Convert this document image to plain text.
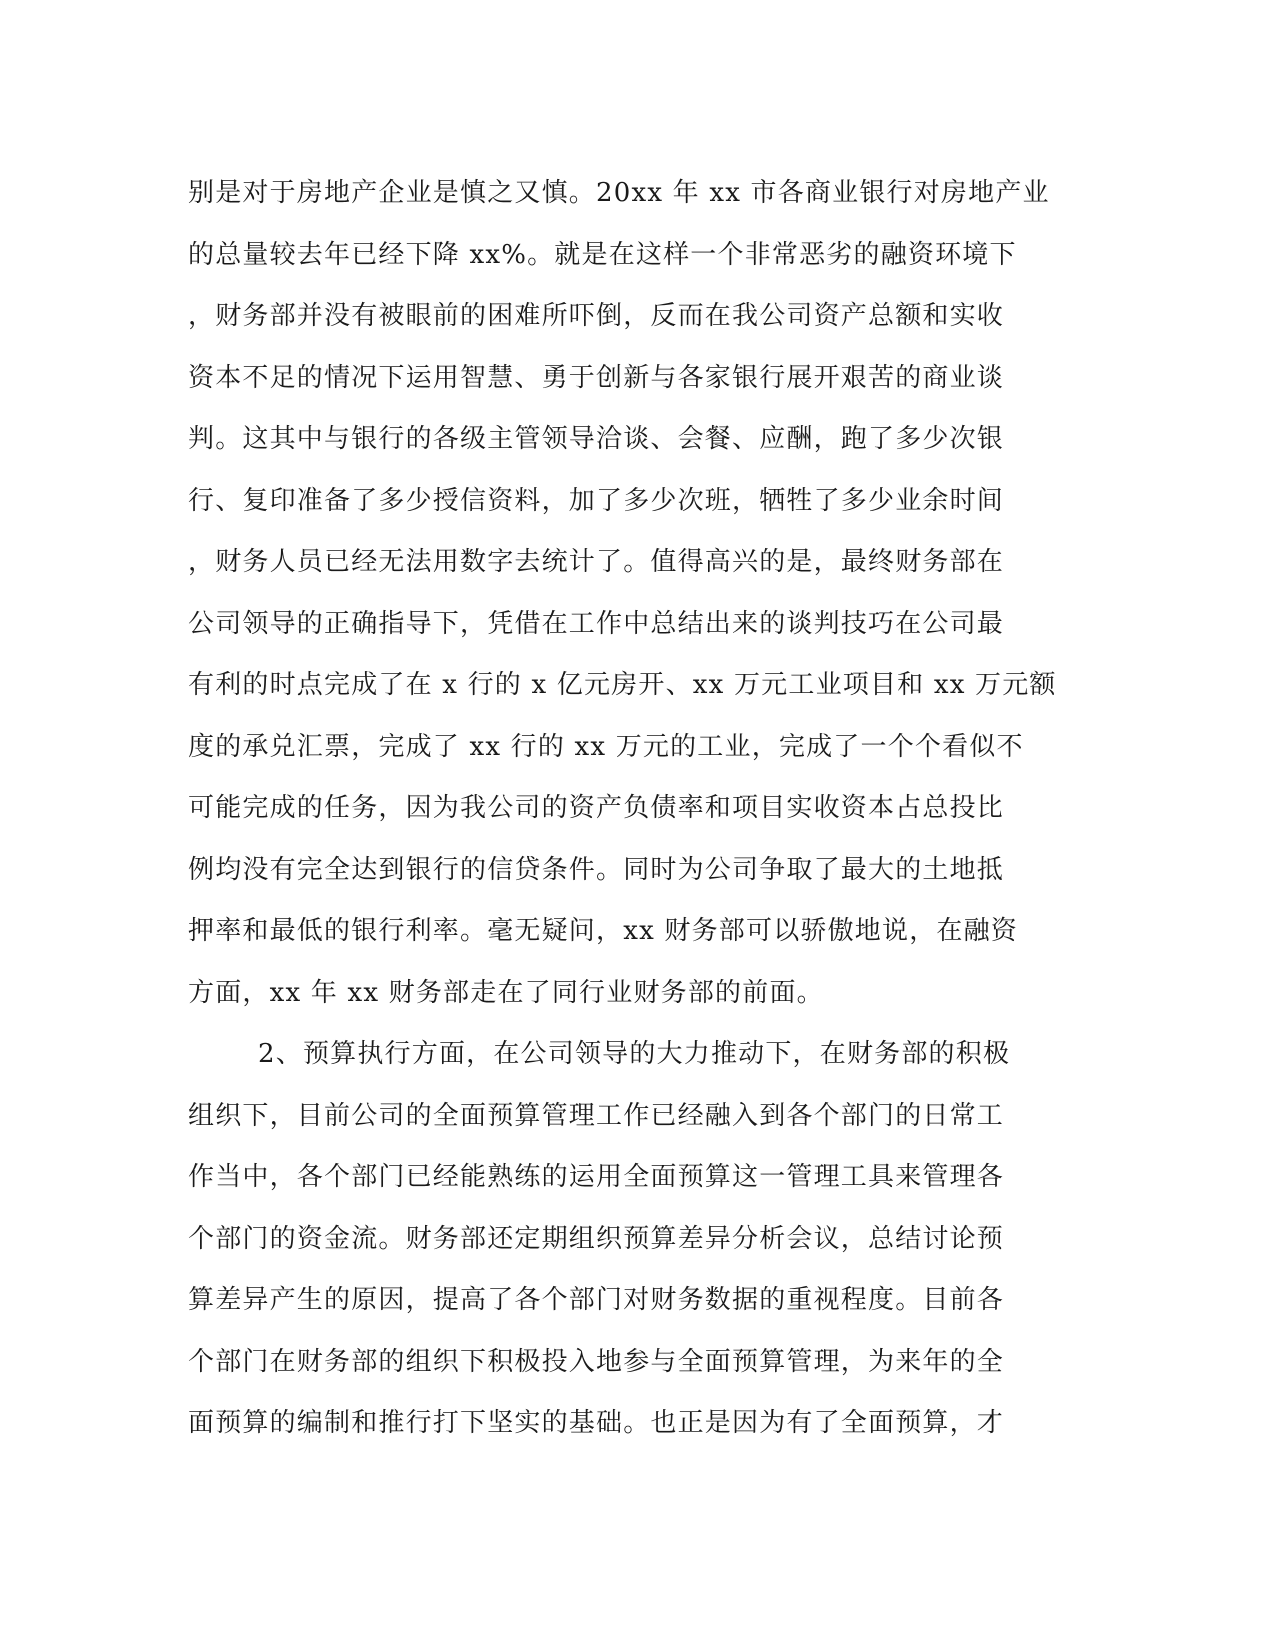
别是对于房地产企业是慎之又慎。20xx 年 xx 市各商业银行对房地产业
的总量较去年已经下降 xx%。就是在这样一个非常恶劣的融资环境下
，财务部并没有被眼前的困难所吓倒，反而在我公司资产总额和实收
资本不足的情况下运用智慧、勇于创新与各家银行展开艰苦的商业谈
判。这其中与银行的各级主管领导洽谈、会餐、应酬，跑了多少次银
行、复印准备了多少授信资料，加了多少次班，牺牲了多少业余时间
，财务人员已经无法用数字去统计了。值得高兴的是，最终财务部在
公司领导的正确指导下，凭借在工作中总结出来的谈判技巧在公司最
有利的时点完成了在 x 行的 x 亿元房开、xx 万元工业项目和 xx 万元额
度的承兑汇票，完成了 xx 行的 xx 万元的工业，完成了一个个看似不
可能完成的任务，因为我公司的资产负债率和项目实收资本占总投比
例均没有完全达到银行的信贷条件。同时为公司争取了最大的土地抵
押率和最低的银行利率。毫无疑问，xx 财务部可以骄傲地说，在融资
方面，xx 年 xx 财务部走在了同行业财务部的前面。
2、预算执行方面，在公司领导的大力推动下，在财务部的积极
组织下，目前公司的全面预算管理工作已经融入到各个部门的日常工
作当中，各个部门已经能熟练的运用全面预算这一管理工具来管理各
个部门的资金流。财务部还定期组织预算差异分析会议，总结讨论预
算差异产生的原因，提高了各个部门对财务数据的重视程度。目前各
个部门在财务部的组织下积极投入地参与全面预算管理，为来年的全
面预算的编制和推行打下坚实的基础。也正是因为有了全面预算，才
